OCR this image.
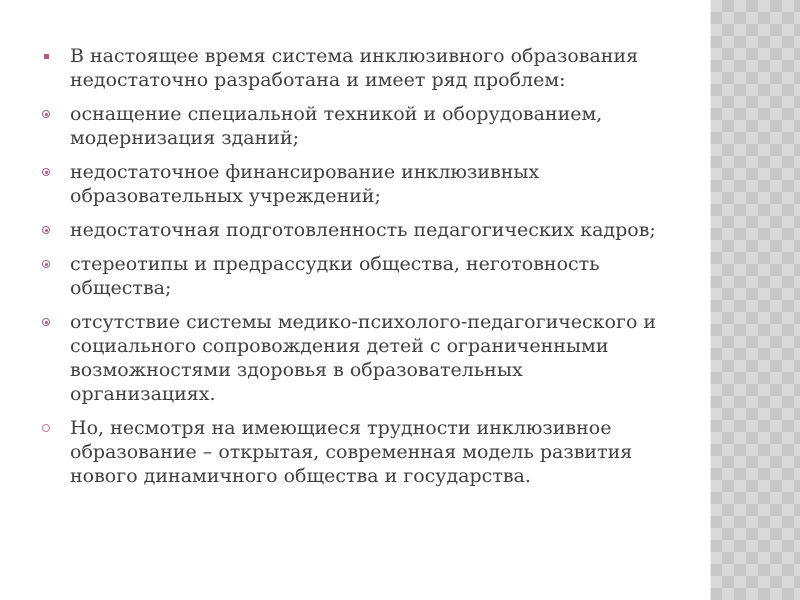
В настоящее время система инклюзивного образования недостаточно разработана и имеет ряд проблем:
оснащение специальной техникой и оборудованием, модернизация зданий;
недостаточное финансирование инклюзивных образовательных учреждений;
недостаточная подготовленность педагогических кадров;
стереотипы и предрассудки общества, неготовность общества;
отсутствие системы медико-психолого-педагогического и социального сопровождения детей с ограниченными возможностями здоровья в образовательных организациях.
Но, несмотря на имеющиеся трудности инклюзивное образование – открытая, современная модель развития нового динамичного общества и государства.
